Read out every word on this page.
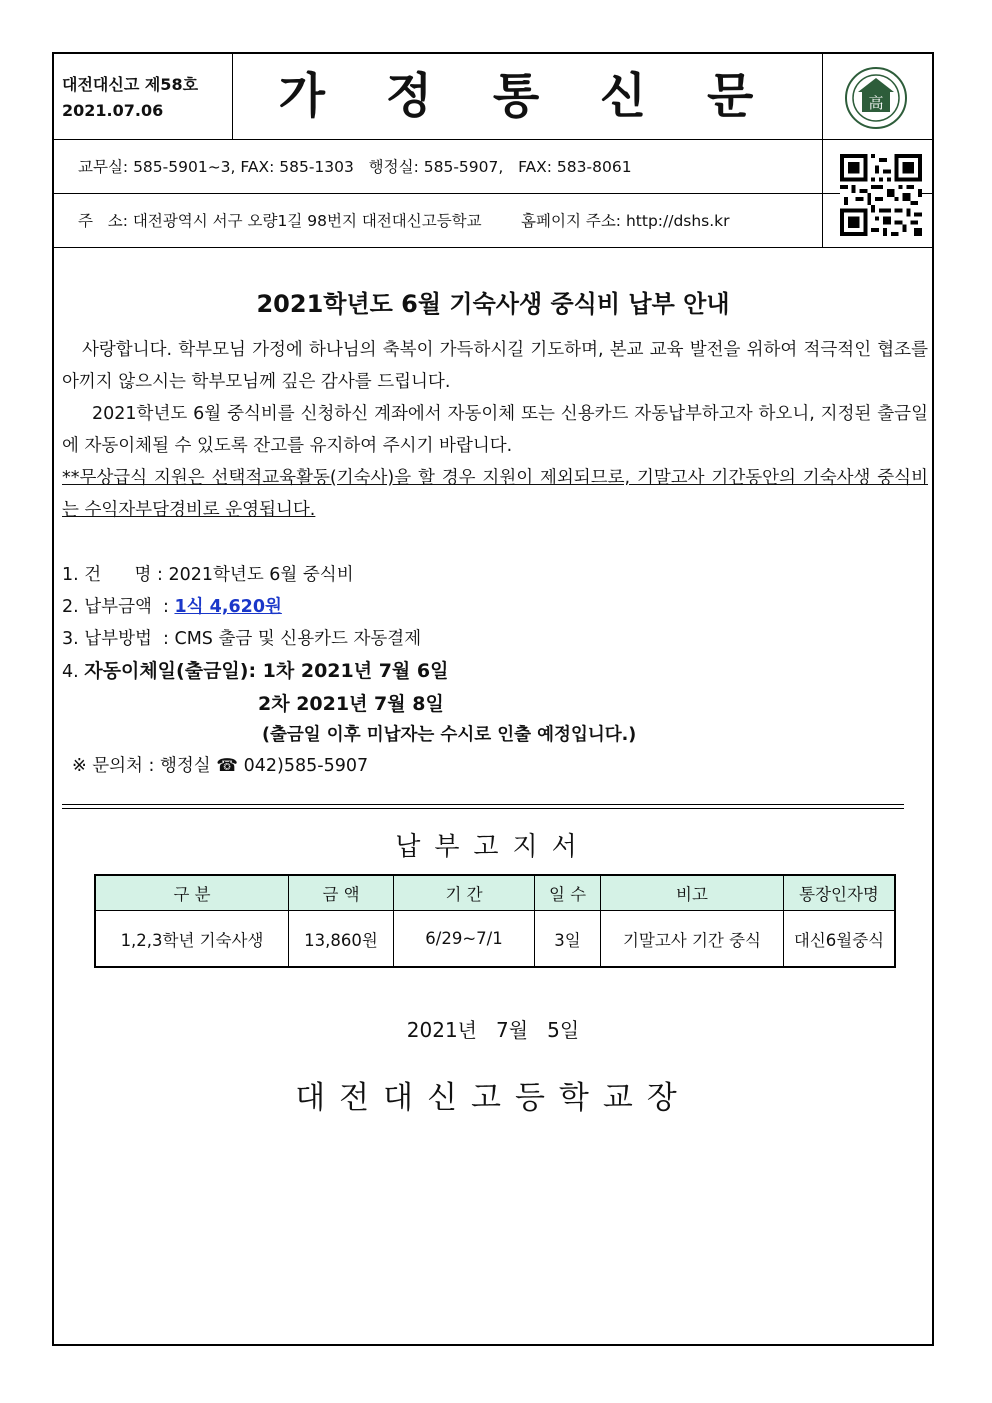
대전대신고 제58호
2021.07.06	가 정 통 신 문	高
교무실: 585-5901~3, FAX: 585-1303   행정실: 585-5907,   FAX: 583-8061
주   소: 대전광역시 서구 오량1길 98번지 대전대신고등학교        홈페이지 주소: http://dshs.kr
2021학년도 6월 기숙사생 중식비 납부 안내

사랑합니다. 학부모님 가정에 하나님의 축복이 가득하시길 기도하며, 본교 교육 발전을 위하여 적극적인 협조를 아끼지 않으시는 학부모님께 깊은 감사를 드립니다.

2021학년도 6월 중식비를 신청하신 계좌에서 자동이체 또는 신용카드 자동납부하고자 하오니, 지정된 출금일에 자동이체될 수 있도록 잔고를 유지하여 주시기 바랍니다.

**무상급식 지원은 선택적교육활동(기숙사)을 할 경우 지원이 제외되므로, 기말고사 기간동안의 기숙사생 중식비는 수익자부담경비로 운영됩니다.

1. 건      명 : 2021학년도 6월 중식비
2. 납부금액  : 1식 4,620원
3. 납부방법  : CMS 출금 및 신용카드 자동결제
4. 자동이체일(출금일): 1차 2021년 7월 6일
2차 2021년 7월 8일
(출금일 이후 미납자는 수시로 인출 예정입니다.)
※ 문의처 : 행정실 ☎ 042)585-5907
납부고지서
구 분	금 액	기 간	일 수	비고	통장인자명
1,2,3학년 기숙사생	13,860원	6/29~7/1	3일	기말고사 기간 중식	대신6월중식
2021년   7월   5일
대전대신고등학교장
